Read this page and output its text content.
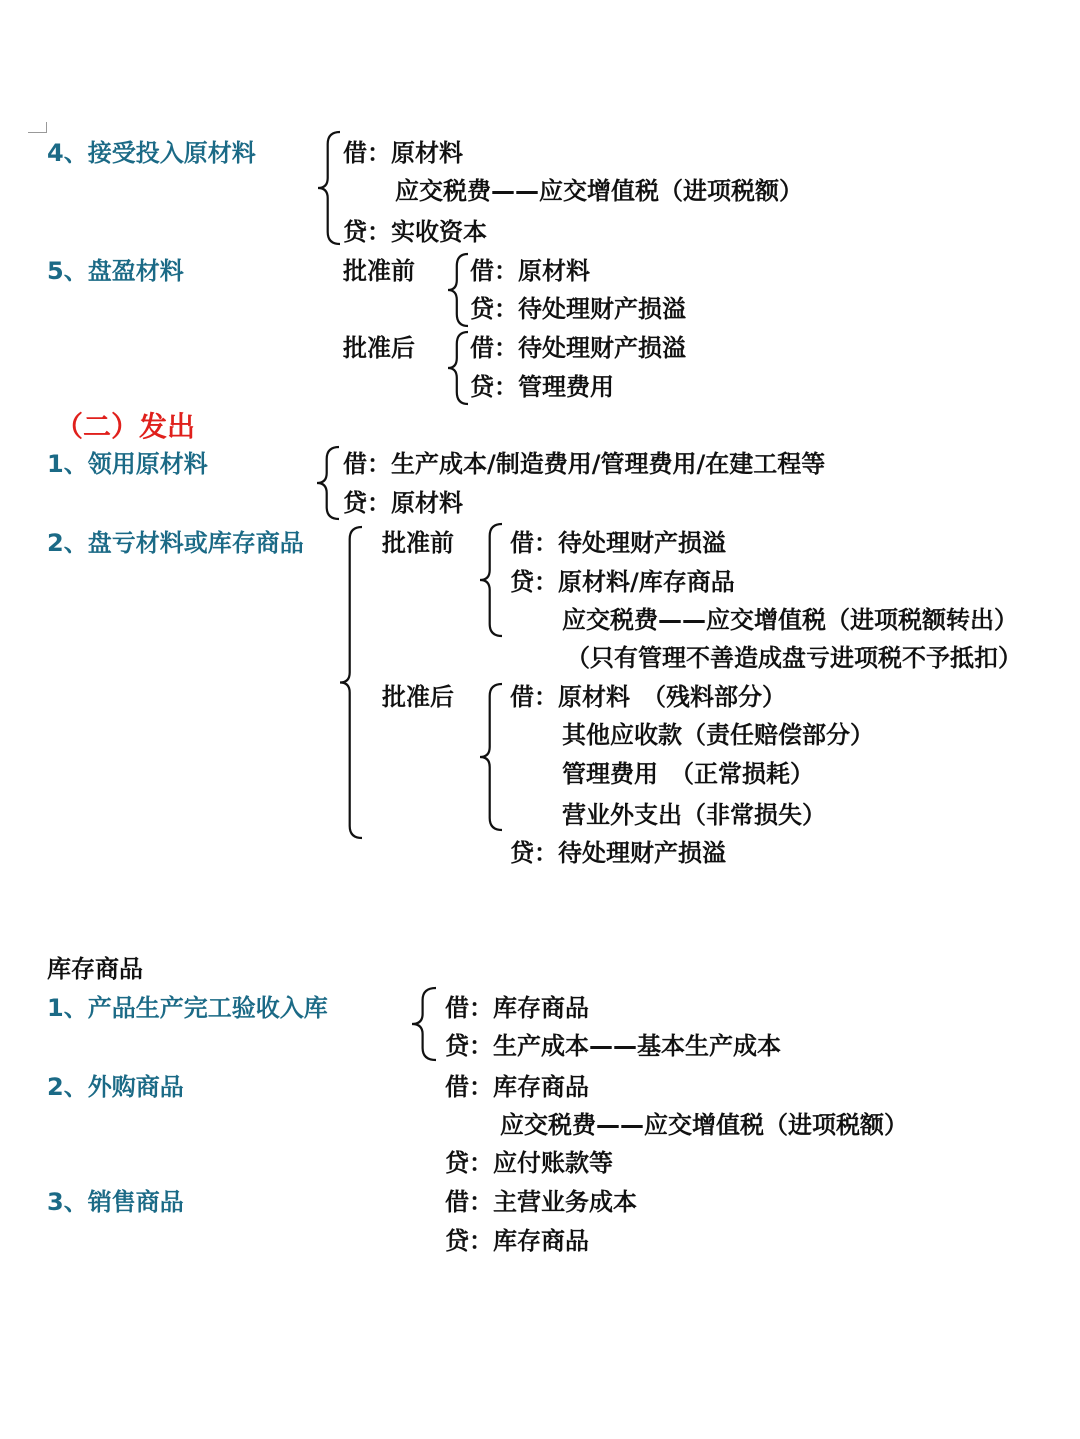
4、接受投入原材料	借：原材料
应交税费——应交增值税（进项税额）
贷：实收资本
5、盘盈材料	批准前 借：原材料
贷：待处理财产损溢
批准后 借：待处理财产损溢
贷：管理费用
（二）发出
1、领用原材料	借：生产成本/制造费用/管理费用/在建工程等
贷：原材料
2、盘亏材料或库存商品	批准前 借：待处理财产损溢
贷：原材料/库存商品
应交税费——应交增值税（进项税额转出）
（只有管理不善造成盘亏进项税不予抵扣）
批准后 借：原材料　（残料部分）
其他应收款（责任赔偿部分）
管理费用　（正常损耗）
营业外支出（非常损失）
贷：待处理财产损溢
库存商品
1、产品生产完工验收入库	借：库存商品
贷：生产成本——基本生产成本
2、外购商品	借：库存商品
应交税费——应交增值税（进项税额）
贷：应付账款等
3、销售商品	借：主营业务成本
贷：库存商品
